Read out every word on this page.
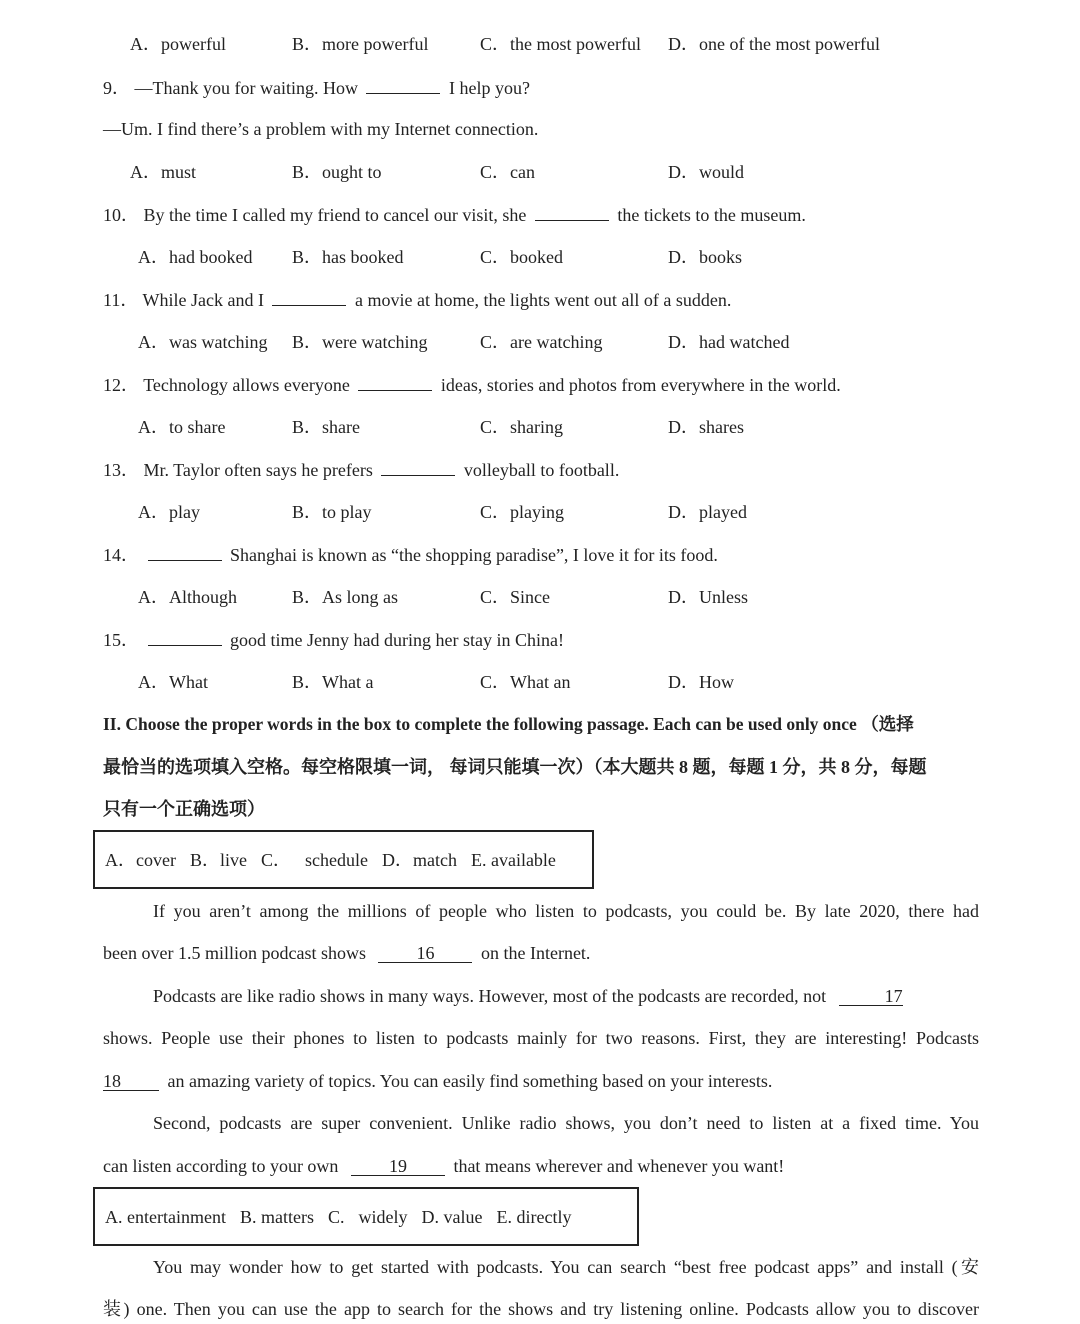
A．powerful	B．more powerful	C．the most powerful D．one of the most powerful
9． —Thank you for waiting. How	I help you?
—Um. I find there’s a problem with my Internet connection.
A．must	B．ought to	C．can	D．would
10． By the time I called my friend to cancel our visit, she	the tickets to the museum.
A．had booked B．has booked	C．booked	D．books
11． While Jack and I	a movie at home, the lights went out all of a sudden.
A．was watching B．were watching	C．are watching	D．had watched
12． Technology allows everyone	ideas, stories and photos from everywhere in the world.
A．to share	B．share	C．sharing	D．shares
13． Mr. Taylor often says he prefers	volleyball to football.
A．play	B．to play	C．playing	D．played
14．	Shanghai is known as “the shopping paradise”, I love it for its food.
A．Although	B．As long as	C．Since	D．Unless
15．	good time Jenny had during her stay in China!
A．What	B．What a	C．What an	D．How
II. Choose the proper words in the box to complete the following passage. Each can be used only once （选择
最恰当的选项填入空格。每空格限填一词， 每词只能填一次）（本大题共 8 题，每题 1 分，共 8 分，每题
只有一个正确选项）
A．cover B．live C． schedule D．match E. available
If you aren’t among the millions of people who listen to podcasts, you could be. By late 2020, there had
been over 1.5 million podcast shows	16	on the Internet.
Podcasts are like radio shows in many ways. However, most of the podcasts are recorded, not	17
shows. People use their phones to listen to podcasts mainly for two reasons. First, they are interesting! Podcasts
18	an amazing variety of topics. You can easily find something based on your interests.
Second, podcasts are super convenient. Unlike radio shows, you don’t need to listen at a fixed time. You
can listen according to your own	19	that means wherever and whenever you want!
A. entertainment B. matters C. widely D. value E. directly
You may wonder how to get started with podcasts. You can search “best free podcast apps” and install (安
装) one. Then you can use the app to search for the shows and try listening online. Podcasts allow you to discover
